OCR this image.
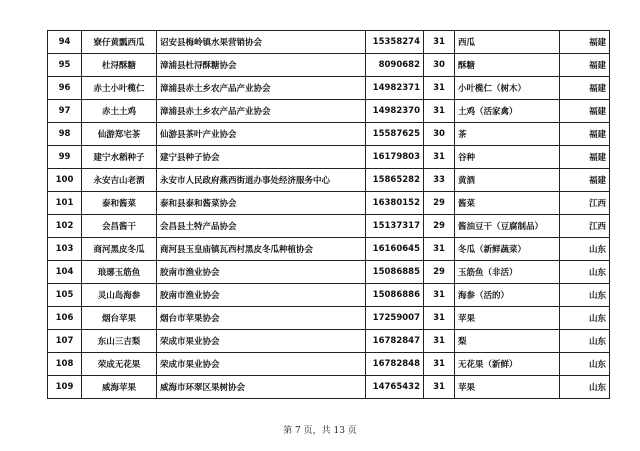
94	寮仔黄瓢西瓜	诏安县梅岭镇水果营销协会	15358274	31	西瓜	福建
95	杜浔酥糖	漳浦县杜浔酥糖协会	8090682	30	酥糖	福建
96	赤土小叶榄仁	漳浦县赤土乡农产品产业协会	14982371	31	小叶榄仁（树木）	福建
97	赤土土鸡	漳浦县赤土乡农产品产业协会	14982370	31	土鸡（活家禽）	福建
98	仙游郑宅茶	仙游县茶叶产业协会	15587625	30	茶	福建
99	建宁水稻种子	建宁县种子协会	16179803	31	谷种	福建
100	永安吉山老酒	永安市人民政府燕西街道办事处经济服务中心	15865282	33	黄酒	福建
101	泰和酱菜	泰和县泰和酱菜协会	16380152	29	酱菜	江西
102	会昌酱干	会昌县土特产品协会	15137317	29	酱油豆干（豆腐制品）	江西
103	商河黑皮冬瓜	商河县玉皇庙镇瓦西村黑皮冬瓜种植协会	16160645	31	冬瓜（新鲜蔬菜）	山东
104	琅琊玉筋鱼	胶南市渔业协会	15086885	29	玉筋鱼（非活）	山东
105	灵山岛海参	胶南市渔业协会	15086886	31	海参（活的）	山东
106	烟台苹果	烟台市苹果协会	17259007	31	苹果	山东
107	东山三吉梨	荣成市果业协会	16782847	31	梨	山东
108	荣成无花果	荣成市果业协会	16782848	31	无花果（新鲜）	山东
109	威海苹果	威海市环翠区果树协会	14765432	31	苹果	山东
第 7 页，共 13 页
